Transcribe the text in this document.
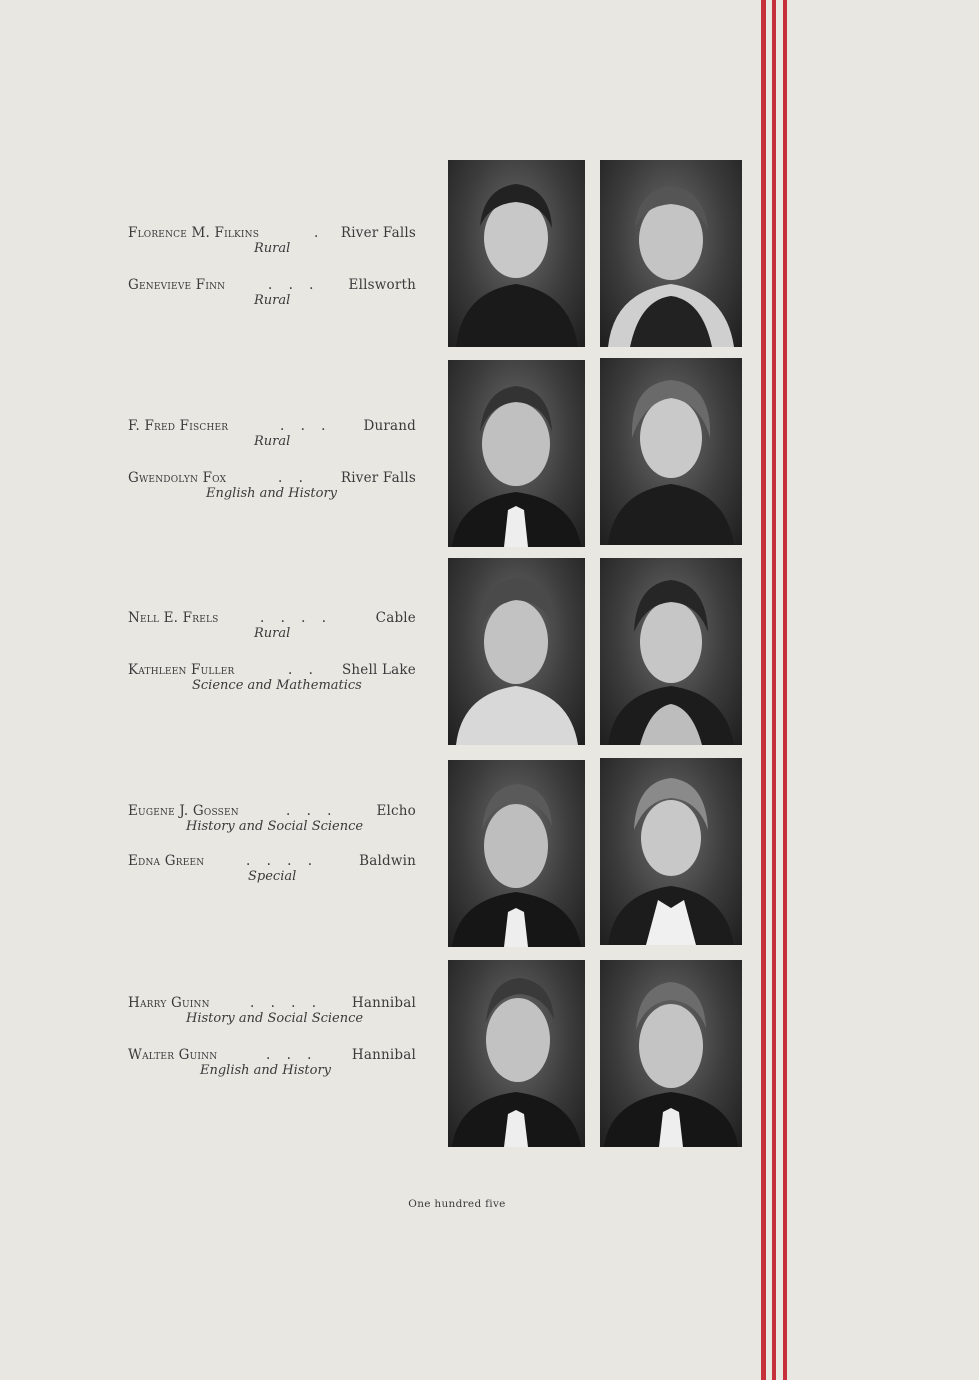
Florence M. Filkins	. River Falls
Rural
Genevieve Finn	. . . Ellsworth
Rural
F. Fred Fischer	. . . Durand
Rural
Gwendolyn Fox	. . River Falls
English and History
Nell E. Frels	. . . .	Cable
Rural
Kathleen Fuller	. . Shell Lake
Science and Mathematics
Eugene J. Gossen	. . .	Elcho
History and Social Science
Edna Green	. . . .	Baldwin
Special
Harry Guinn	. . . . Hannibal
History and Social Science
Walter Guinn	. . .	Hannibal
English and History
One hundred five
